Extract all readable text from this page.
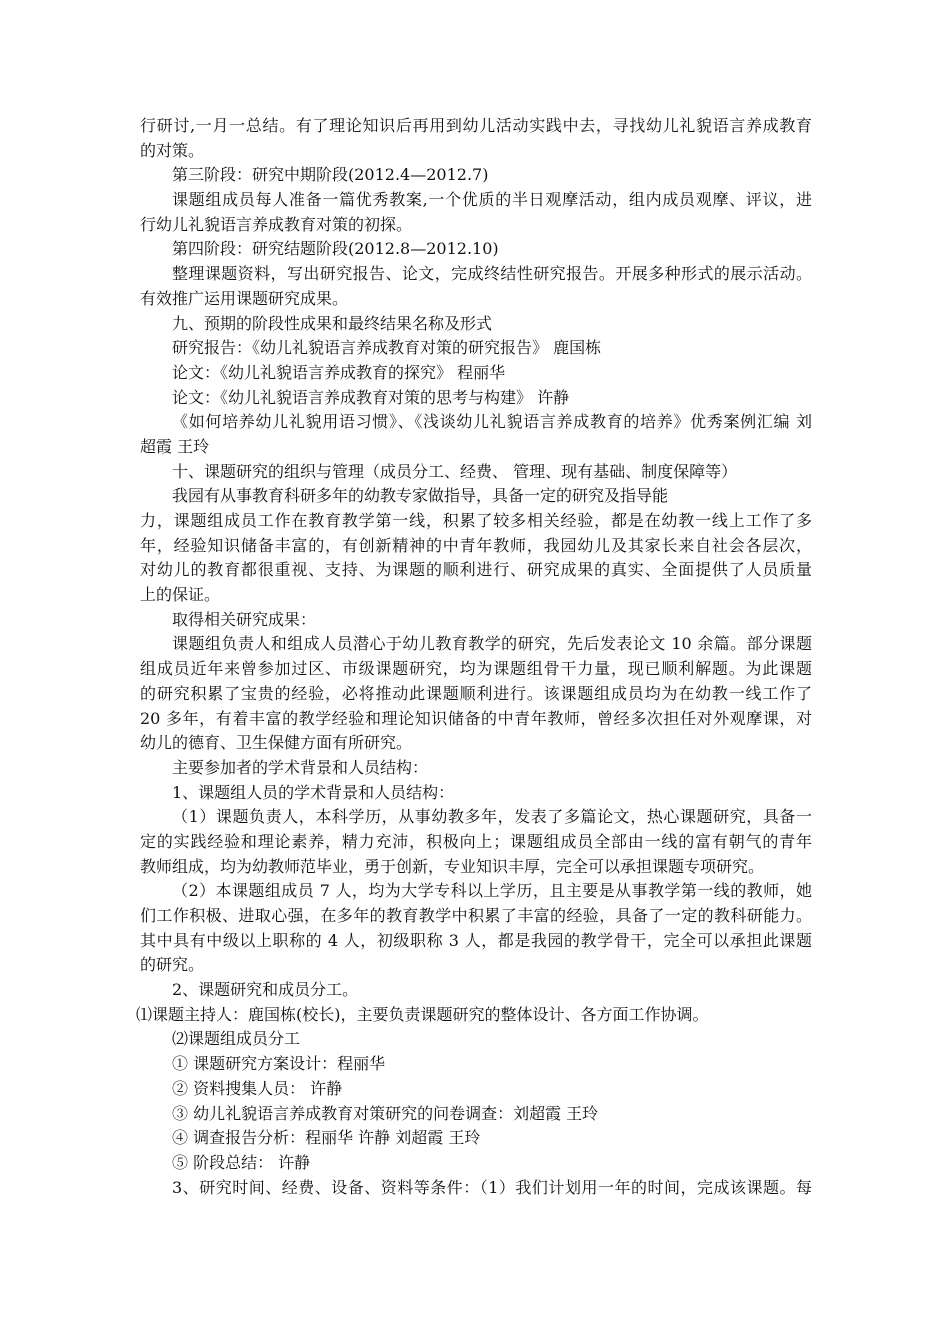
行研讨,一月一总结。有了理论知识后再用到幼儿活动实践中去，寻找幼儿礼貌语言养成教育
的对策。
第三阶段：研究中期阶段(2012.4—2012.7)
课题组成员每人准备一篇优秀教案,一个优质的半日观摩活动，组内成员观摩、评议，进
行幼儿礼貌语言养成教育对策的初探。
第四阶段：研究结题阶段(2012.8—2012.10)
整理课题资料，写出研究报告、论文，完成终结性研究报告。开展多种形式的展示活动。
有效推广运用课题研究成果。
九、预期的阶段性成果和最终结果名称及形式
研究报告：《幼儿礼貌语言养成教育对策的研究报告》 鹿国栋
论文：《幼儿礼貌语言养成教育的探究》 程丽华
论文：《幼儿礼貌语言养成教育对策的思考与构建》 许静
《如何培养幼儿礼貌用语习惯》、《浅谈幼儿礼貌语言养成教育的培养》优秀案例汇编 刘
超霞 王玲
十、课题研究的组织与管理（成员分工、经费、 管理、现有基础、制度保障等）
我园有从事教育科研多年的幼教专家做指导，具备一定的研究及指导能
力，课题组成员工作在教育教学第一线，积累了较多相关经验，都是在幼教一线上工作了多
年，经验知识储备丰富的，有创新精神的中青年教师，我园幼儿及其家长来自社会各层次，
对幼儿的教育都很重视、支持、为课题的顺利进行、研究成果的真实、全面提供了人员质量
上的保证。
取得相关研究成果：
课题组负责人和组成人员潜心于幼儿教育教学的研究，先后发表论文 10 余篇。部分课题
组成员近年来曾参加过区、市级课题研究，均为课题组骨干力量，现已顺利解题。为此课题
的研究积累了宝贵的经验，必将推动此课题顺利进行。该课题组成员均为在幼教一线工作了
20 多年，有着丰富的教学经验和理论知识储备的中青年教师，曾经多次担任对外观摩课，对
幼儿的德育、卫生保健方面有所研究。
主要参加者的学术背景和人员结构：
1、课题组人员的学术背景和人员结构：
（1）课题负责人，本科学历，从事幼教多年，发表了多篇论文，热心课题研究，具备一
定的实践经验和理论素养，精力充沛，积极向上；课题组成员全部由一线的富有朝气的青年
教师组成，均为幼教师范毕业，勇于创新，专业知识丰厚，完全可以承担课题专项研究。
（2）本课题组成员 7 人，均为大学专科以上学历，且主要是从事教学第一线的教师，她
们工作积极、进取心强，在多年的教育教学中积累了丰富的经验，具备了一定的教科研能力。
其中具有中级以上职称的 4 人，初级职称 3 人，都是我园的教学骨干，完全可以承担此课题
的研究。
2、课题研究和成员分工。
⑴课题主持人：鹿国栋(校长)，主要负责课题研究的整体设计、各方面工作协调。
⑵课题组成员分工
① 课题研究方案设计：程丽华
② 资料搜集人员： 许静
③ 幼儿礼貌语言养成教育对策研究的问卷调查：刘超霞 王玲
④ 调查报告分析：程丽华 许静 刘超霞 王玲
⑤ 阶段总结： 许静
3、研究时间、经费、设备、资料等条件：（1）我们计划用一年的时间，完成该课题。每
